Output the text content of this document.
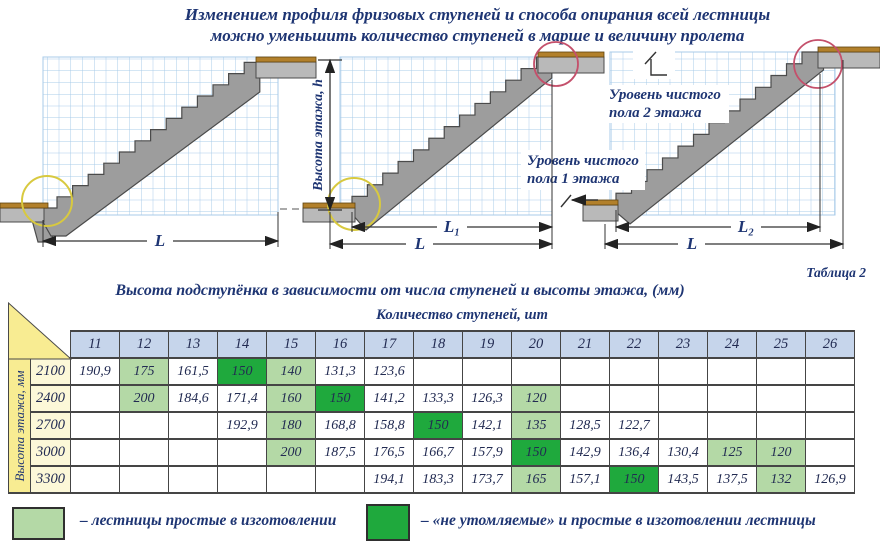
Изменением профиля фризовых ступеней и способа опирания всей лестницы
можно уменьшить количество ступеней в марше и величину пролета
Уровень чистого
пола 2 этажа
Уровень чистого
пола 1 этажа
Высота этажа, h
L
L₁
L
L₂
L
Таблица 2
Высота подступёнка в зависимости от числа ступеней и высоты этажа, (мм)
Количество ступеней, шт
		11	12	13	14	15	16	17	18	19	20	21	22	23	24	25	26

Высота этажа, мм	2100	190,9	175	161,5	150	140	131,3	123,6									
	2400		200	184,6	171,4	160	150	141,2	133,3	126,3	120						
	2700				192,9	180	168,8	158,8	150	142,1	135	128,5	122,7				
	3000					200	187,5	176,5	166,7	157,9	150	142,9	136,4	130,4	125	120	
	3300							194,1	183,3	173,7	165	157,1	150	143,5	137,5	132	126,9
– лестницы простые в изготовлении	– «не утомляемые» и простые в изготовлении лестницы
